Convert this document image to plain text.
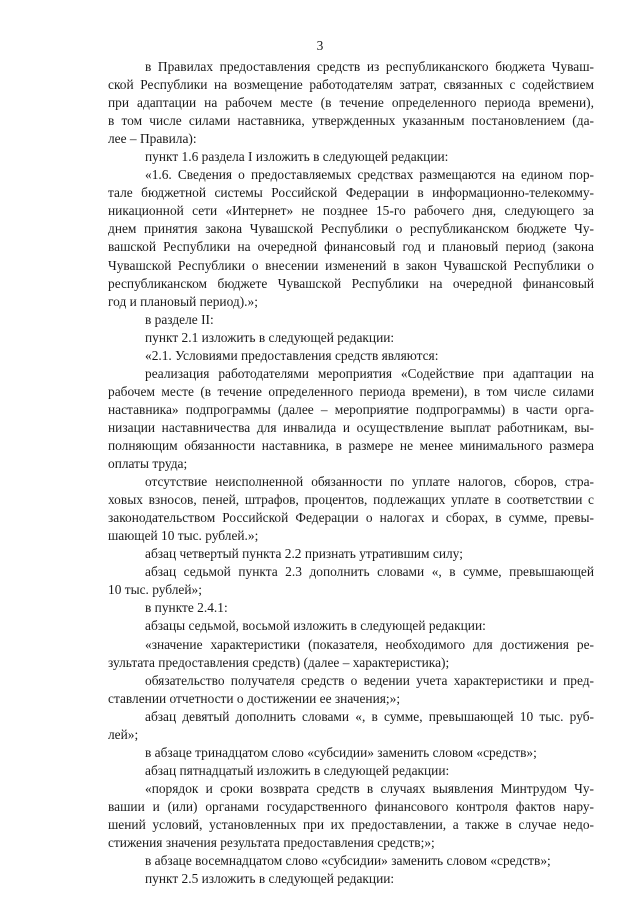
3
в Правилах предоставления средств из республиканского бюджета Чуваш-
ской Республики на возмещение работодателям затрат, связанных с содействием
при адаптации на рабочем месте (в течение определенного периода времени),
в том числе силами наставника, утвержденных указанным постановлением (да-
лее – Правила):
пункт 1.6 раздела I изложить в следующей редакции:
«1.6. Сведения о предоставляемых средствах размещаются на едином пор-
тале бюджетной системы Российской Федерации в информационно-телекомму-
никационной сети «Интернет» не позднее 15-го рабочего дня, следующего за
днем принятия закона Чувашской Республики о республиканском бюджете Чу-
вашской Республики на очередной финансовый год и плановый период (закона
Чувашской Республики о внесении изменений в закон Чувашской Республики о
республиканском бюджете Чувашской Республики на очередной финансовый
год и плановый период).»;
в разделе II:
пункт 2.1 изложить в следующей редакции:
«2.1. Условиями предоставления средств являются:
реализация работодателями мероприятия «Содействие при адаптации на
рабочем месте (в течение определенного периода времени), в том числе силами
наставника» подпрограммы (далее – мероприятие подпрограммы) в части орга-
низации наставничества для инвалида и осуществление выплат работникам, вы-
полняющим обязанности наставника, в размере не менее минимального размера
оплаты труда;
отсутствие неисполненной обязанности по уплате налогов, сборов, стра-
ховых взносов, пеней, штрафов, процентов, подлежащих уплате в соответствии с
законодательством Российской Федерации о налогах и сборах, в сумме, превы-
шающей 10 тыс. рублей.»;
абзац четвертый пункта 2.2 признать утратившим силу;
абзац седьмой пункта 2.3 дополнить словами «, в сумме, превышающей
10 тыс. рублей»;
в пункте 2.4.1:
абзацы седьмой, восьмой изложить в следующей редакции:
«значение характеристики (показателя, необходимого для достижения ре-
зультата предоставления средств) (далее – характеристика);
обязательство получателя средств о ведении учета характеристики и пред-
ставлении отчетности о достижении ее значения;»;
абзац девятый дополнить словами «, в сумме, превышающей 10 тыс. руб-
лей»;
в абзаце тринадцатом слово «субсидии» заменить словом «средств»;
абзац пятнадцатый изложить в следующей редакции:
«порядок и сроки возврата средств в случаях выявления Минтрудом Чу-
вашии и (или) органами государственного финансового контроля фактов нару-
шений условий, установленных при их предоставлении, а также в случае недо-
стижения значения результата предоставления средств;»;
в абзаце восемнадцатом слово «субсидии» заменить словом «средств»;
пункт 2.5 изложить в следующей редакции:
